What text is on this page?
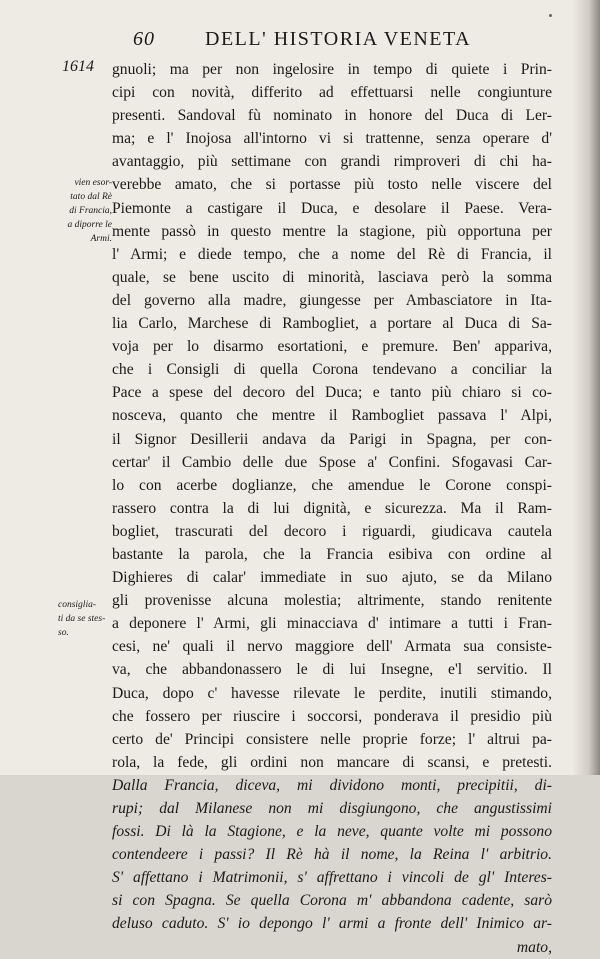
60	DELL' HISTORIA VENETA
1614
vien esor-
tato dal Rè
di Francia,
a diporre le
Armi.
consiglia-
ti da se stes-
so.
gnuoli; ma per non ingelosire in tempo di quiete i Prin-
cipi con novità, differito ad effettuarsi nelle congiunture
presenti. Sandoval fù nominato in honore del Duca di Ler-
ma; e l' Inojosa all'intorno vi si trattenne, senza operare d'
avantaggio, più settimane con grandi rimproveri di chi ha-
verebbe amato, che si portasse più tosto nelle viscere del
Piemonte a castigare il Duca, e desolare il Paese. Vera-
mente passò in questo mentre la stagione, più opportuna per
l' Armi; e diede tempo, che a nome del Rè di Francia, il
quale, se bene uscito di minorità, lasciava però la somma
del governo alla madre, giungesse per Ambasciatore in Ita-
lia Carlo, Marchese di Rambogliet, a portare al Duca di Sa-
voja per lo disarmo esortationi, e premure. Ben' appariva,
che i Consigli di quella Corona tendevano a conciliar la
Pace a spese del decoro del Duca; e tanto più chiaro si co-
nosceva, quanto che mentre il Rambogliet passava l' Alpi,
il Signor Desillerii andava da Parigi in Spagna, per con-
certar' il Cambio delle due Spose a' Confini. Sfogavasi Car-
lo con acerbe doglianze, che amendue le Corone conspi-
rassero contra la di lui dignità, e sicurezza. Ma il Ram-
bogliet, trascurati del decoro i riguardi, giudicava cautela
bastante la parola, che la Francia esibiva con ordine al
Dighieres di calar' immediate in suo ajuto, se da Milano
gli provenisse alcuna molestia; altrimente, stando renitente
a deponere l' Armi, gli minacciava d' intimare a tutti i Fran-
cesi, ne' quali il nervo maggiore dell' Armata sua consiste-
va, che abbandonassero le di lui Insegne, e'l servitio. Il
Duca, dopo c' havesse rilevate le perdite, inutili stimando,
che fossero per riuscire i soccorsi, ponderava il presidio più
certo de' Principi consistere nelle proprie forze; l' altrui pa-
rola, la fede, gli ordini non mancare di scansi, e pretesti.
Dalla Francia, diceva, mi dividono monti, precipitii, di-
rupi; dal Milanese non mi disgiungono, che angustissimi
fossi. Di là la Stagione, e la neve, quante volte mi possono
contendeere i passi? Il Rè hà il nome, la Reina l' arbitrio.
S' affettano i Matrimonii, s' affrettano i vincoli de gl' Interes-
si con Spagna. Se quella Corona m' abbandona cadente, sarò
deluso caduto. S' io depongo l' armi a fronte dell' Inimico ar-
mato,
